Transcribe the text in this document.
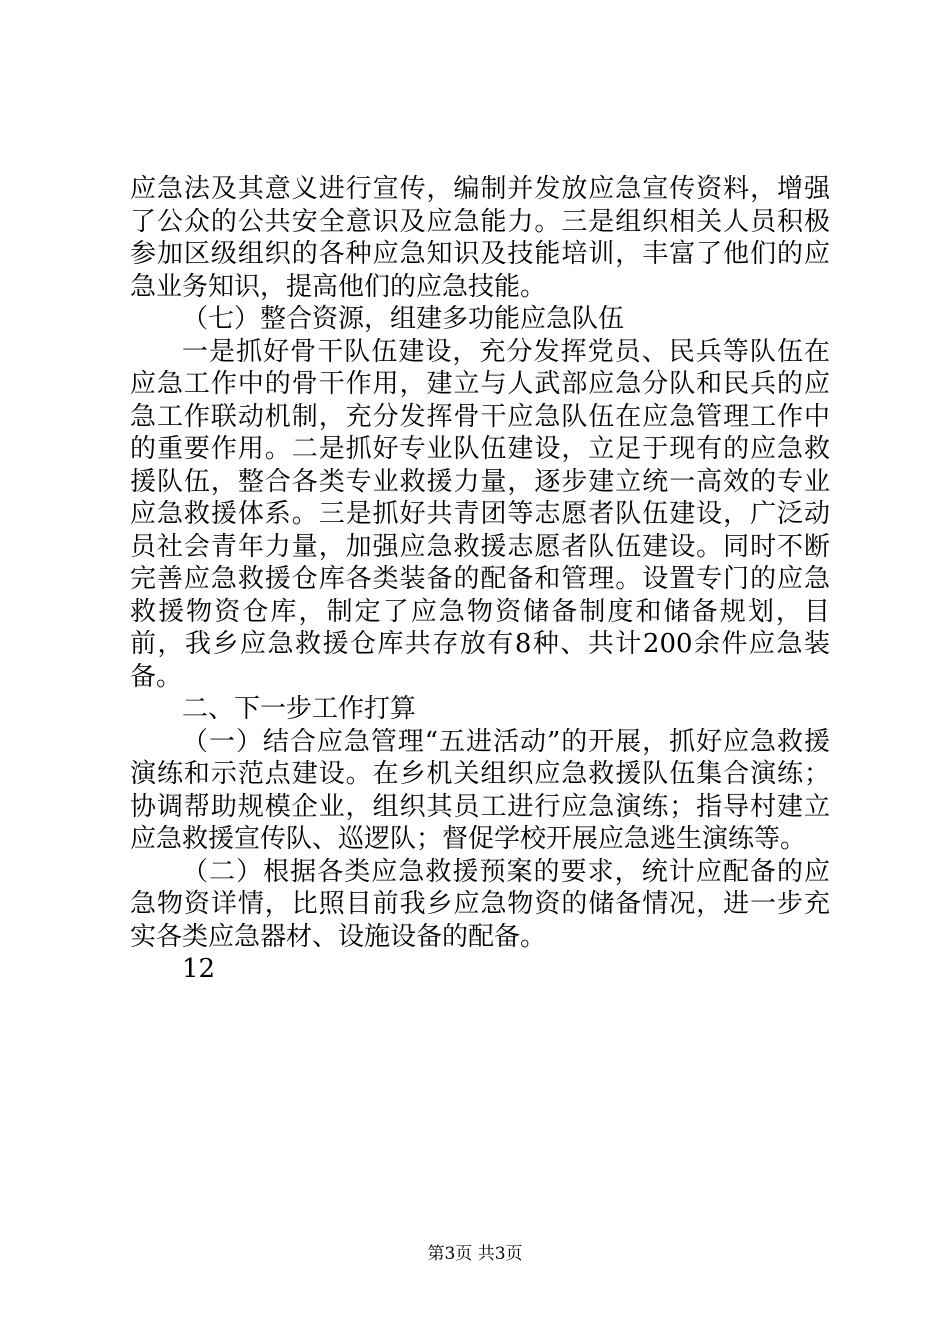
应急法及其意义进行宣传，编制并发放应急宣传资料，增强了公众的公共安全意识及应急能力。三是组织相关人员积极参加区级组织的各种应急知识及技能培训，丰富了他们的应急业务知识，提高他们的应急技能。

（七）整合资源，组建多功能应急队伍

一是抓好骨干队伍建设，充分发挥党员、民兵等队伍在应急工作中的骨干作用，建立与人武部应急分队和民兵的应急工作联动机制，充分发挥骨干应急队伍在应急管理工作中的重要作用。二是抓好专业队伍建设，立足于现有的应急救援队伍，整合各类专业救援力量，逐步建立统一高效的专业应急救援体系。三是抓好共青团等志愿者队伍建设，广泛动员社会青年力量，加强应急救援志愿者队伍建设。同时不断完善应急救援仓库各类装备的配备和管理。设置专门的应急救援物资仓库，制定了应急物资储备制度和储备规划，目前，我乡应急救援仓库共存放有8种、共计200余件应急装备。

二、下一步工作打算

（一）结合应急管理“五进活动”的开展，抓好应急救援演练和示范点建设。在乡机关组织应急救援队伍集合演练；协调帮助规模企业，组织其员工进行应急演练；指导村建立应急救援宣传队、巡逻队；督促学校开展应急逃生演练等。

（二）根据各类应急救援预案的要求，统计应配备的应急物资详情，比照目前我乡应急物资的储备情况，进一步充实各类应急器材、设施设备的配备。

12

第3页 共3页
